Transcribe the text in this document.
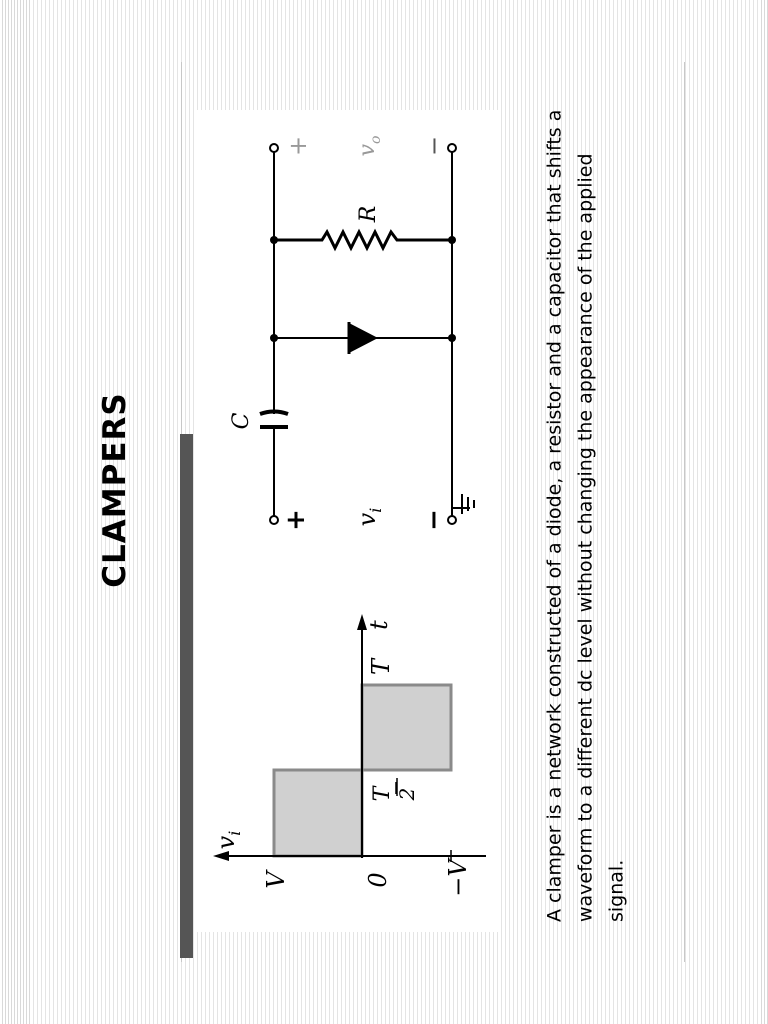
CLAMPERS
$v_i$
V	0 −V
T 2
T
t
C
R
+	−
$v_i$
+	−
$v_o$	A clamper is a network constructed of a diode, a resistor and a capacitor that shifts a waveform to a different dc level without changing the appearance of the applied signal.
